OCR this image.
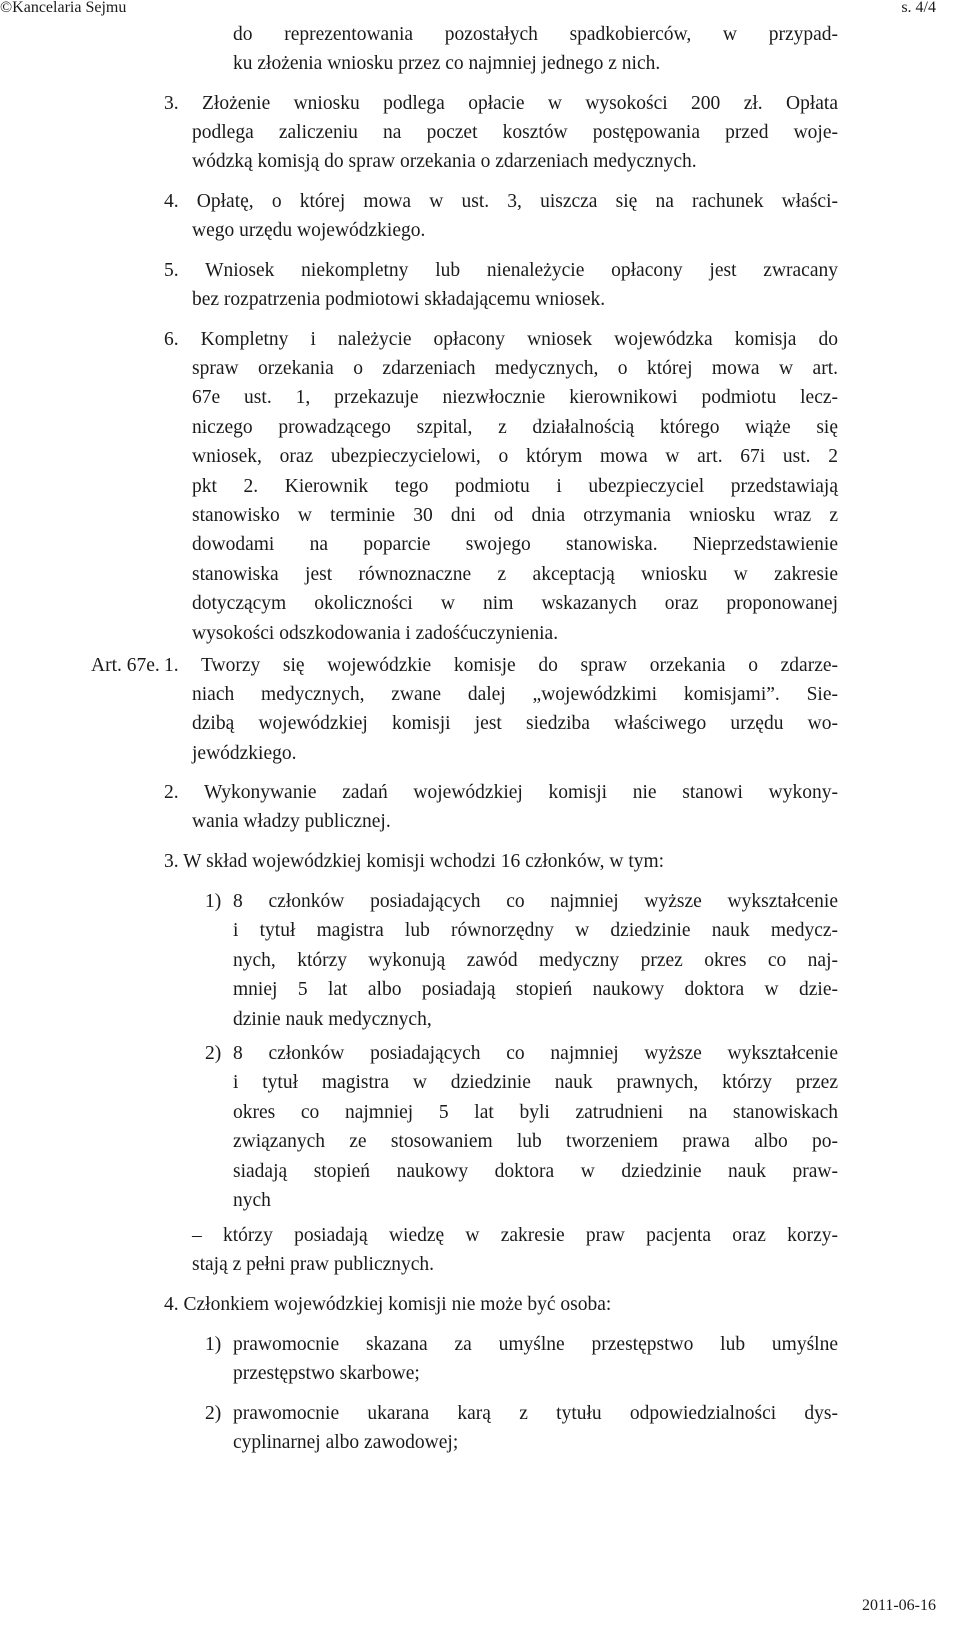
©Kancelaria Sejmu	s. 4/4
do reprezentowania pozostałych spadkobierców, w przypad-
ku złożenia wniosku przez co najmniej jednego z nich.
3. Złożenie wniosku podlega opłacie w wysokości 200 zł. Opłata
podlega zaliczeniu na poczet kosztów postępowania przed woje-
wódzką komisją do spraw orzekania o zdarzeniach medycznych.
4. Opłatę, o której mowa w ust. 3, uiszcza się na rachunek właści-
wego urzędu wojewódzkiego.
5. Wniosek niekompletny lub nienależycie opłacony jest zwracany
bez rozpatrzenia podmiotowi składającemu wniosek.
6. Kompletny i należycie opłacony wniosek wojewódzka komisja do
spraw orzekania o zdarzeniach medycznych, o której mowa w art.
67e ust. 1, przekazuje niezwłocznie kierownikowi podmiotu lecz-
niczego prowadzącego szpital, z działalnością którego wiąże się
wniosek, oraz ubezpieczycielowi, o którym mowa w art. 67i ust. 2
pkt 2. Kierownik tego podmiotu i ubezpieczyciel przedstawiają
stanowisko w terminie 30 dni od dnia otrzymania wniosku wraz z
dowodami na poparcie swojego stanowiska. Nieprzedstawienie
stanowiska jest równoznaczne z akceptacją wniosku w zakresie
dotyczącym okoliczności w nim wskazanych oraz proponowanej
wysokości odszkodowania i zadośćuczynienia.
Art. 67e. 1. Tworzy się wojewódzkie komisje do spraw orzekania o zdarze-
niach medycznych, zwane dalej „wojewódzkimi komisjami”. Sie-
dzibą wojewódzkiej komisji jest siedziba właściwego urzędu wo-
jewódzkiego.
2. Wykonywanie zadań wojewódzkiej komisji nie stanowi wykony-
wania władzy publicznej.
3. W skład wojewódzkiej komisji wchodzi 16 członków, w tym:
1) 8 członków posiadających co najmniej wyższe wykształcenie
i tytuł magistra lub równorzędny w dziedzinie nauk medycz-
nych, którzy wykonują zawód medyczny przez okres co naj-
mniej 5 lat albo posiadają stopień naukowy doktora w dzie-
dzinie nauk medycznych,
2) 8 członków posiadających co najmniej wyższe wykształcenie
i tytuł magistra w dziedzinie nauk prawnych, którzy przez
okres co najmniej 5 lat byli zatrudnieni na stanowiskach
związanych ze stosowaniem lub tworzeniem prawa albo po-
siadają stopień naukowy doktora w dziedzinie nauk praw-
nych
– którzy posiadają wiedzę w zakresie praw pacjenta oraz korzy-
stają z pełni praw publicznych.
4. Członkiem wojewódzkiej komisji nie może być osoba:
1) prawomocnie skazana za umyślne przestępstwo lub umyślne
przestępstwo skarbowe;
2) prawomocnie ukarana karą z tytułu odpowiedzialności dys-
cyplinarnej albo zawodowej;
2011-06-16
